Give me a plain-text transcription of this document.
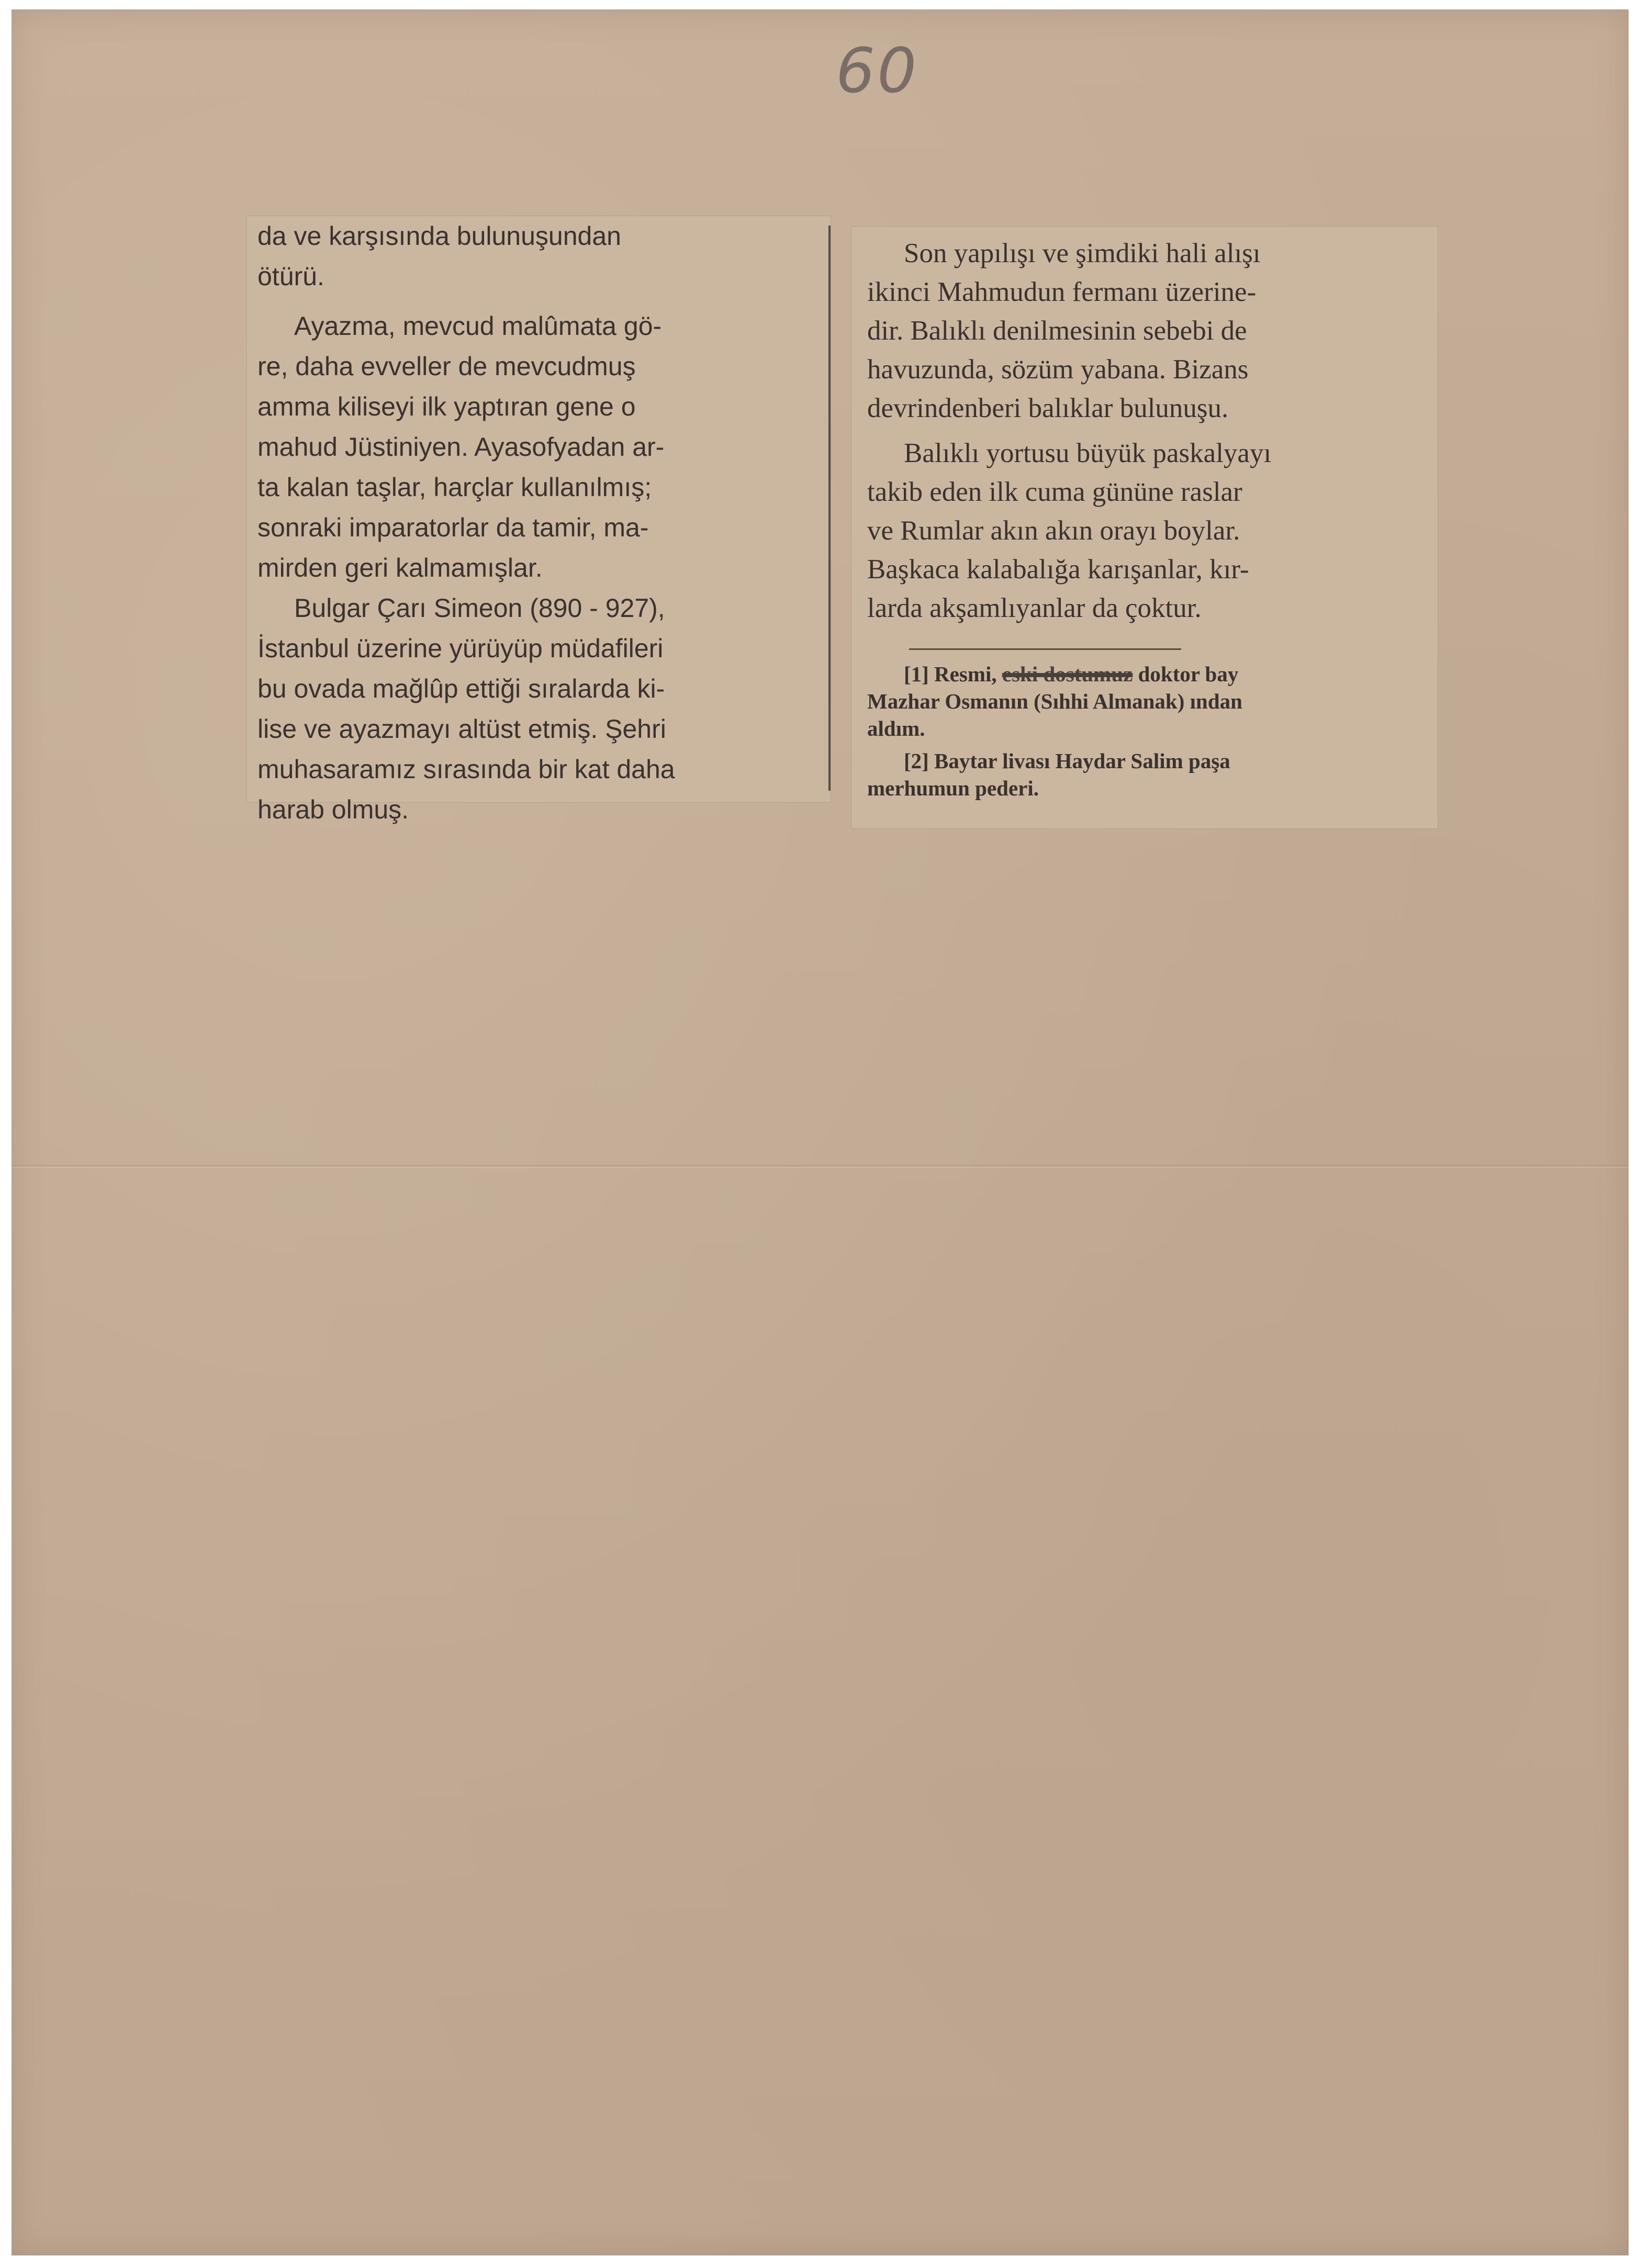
60

da ve karşısında bulunuşundan
ötürü.

Ayazma, mevcud malûmata gö-
re, daha evveller de mevcudmuş
amma kiliseyi ilk yaptıran gene o
mahud Jüstiniyen. Ayasofyadan ar-
ta kalan taşlar, harçlar kullanılmış;
sonraki imparatorlar da tamir, ma-
mirden geri kalmamışlar.

Bulgar Çarı Simeon (890 - 927),
İstanbul üzerine yürüyüp müdafileri
bu ovada mağlûp ettiği sıralarda ki-
lise ve ayazmayı altüst etmiş. Şehri
muhasaramız sırasında bir kat daha
harab olmuş.

Son yapılışı ve şimdiki hali alışı
ikinci Mahmudun fermanı üzerine-
dir. Balıklı denilmesinin sebebi de
havuzunda, sözüm yabana. Bizans
devrindenberi balıklar bulunuşu.

Balıklı yortusu büyük paskalyayı
takib eden ilk cuma gününe raslar
ve Rumlar akın akın orayı boylar.
Başkaca kalabalığa karışanlar, kır-
larda akşamlıyanlar da çoktur.

[1] Resmi, eski dostumuz doktor bay
Mazhar Osmanın (Sıhhi Almanak) ından
aldım.

[2] Baytar livası Haydar Salim paşa
merhumun pederi.
